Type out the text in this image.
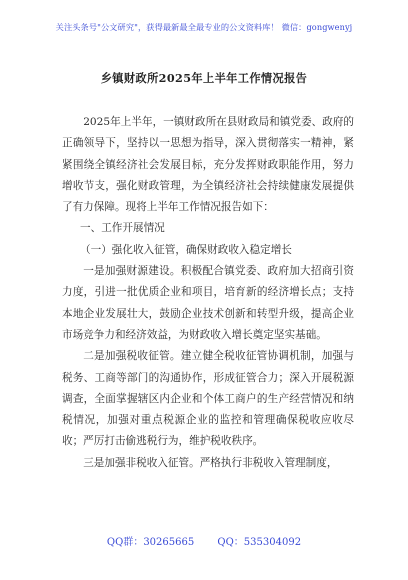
关注头条号"公文研究"，获得最新最全最专业的公文资料库！ 微信：gongwenyj
乡镇财政所2025年上半年工作情况报告

2025年上半年，一镇财政所在县财政局和镇党委、政府的正确领导下，坚持以一思想为指导，深入贯彻落实一精神，紧紧围绕全镇经济社会发展目标，充分发挥财政职能作用，努力增收节支，强化财政管理，为全镇经济社会持续健康发展提供了有力保障。现将上半年工作情况报告如下：

一、工作开展情况

（一）强化收入征管，确保财政收入稳定增长

一是加强财源建设。积极配合镇党委、政府加大招商引资力度，引进一批优质企业和项目，培育新的经济增长点；支持本地企业发展壮大，鼓励企业技术创新和转型升级，提高企业市场竞争力和经济效益，为财政收入增长奠定坚实基础。

二是加强税收征管。建立健全税收征管协调机制，加强与税务、工商等部门的沟通协作，形成征管合力；深入开展税源调查，全面掌握辖区内企业和个体工商户的生产经营情况和纳税情况，加强对重点税源企业的监控和管理确保税收应收尽收；严厉打击偷逃税行为，维护税收秩序。

三是加强非税收入征管。严格执行非税收入管理制度，

QQ群：30265665 QQ：535304092
